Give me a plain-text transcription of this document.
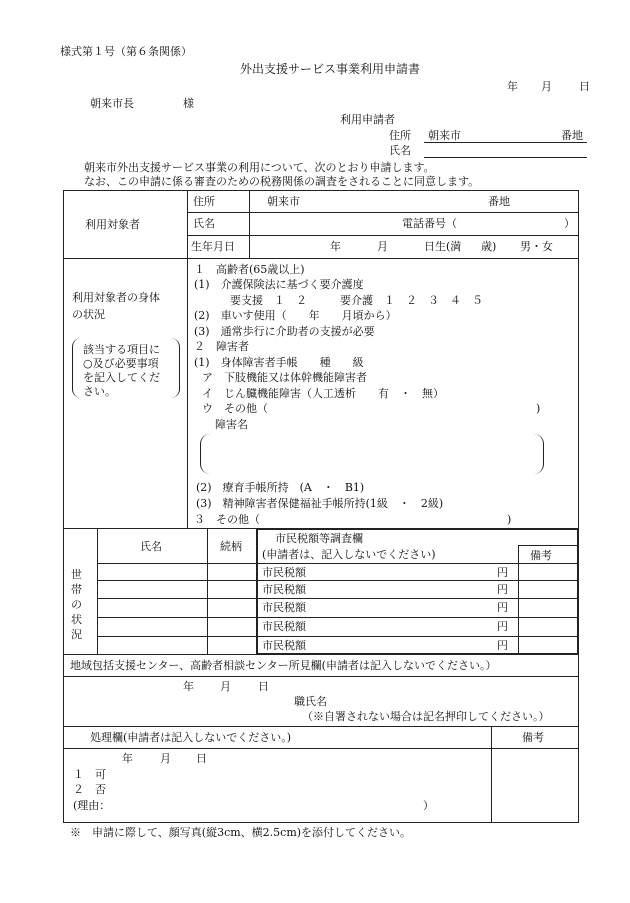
様式第１号（第６条関係）
外出支援サービス事業利用申請書
年 月 日
朝来市長	様
利用申請者
住所 朝来市	番地
氏名
朝来市外出支援サービス事業の利用について、次のとおり申請します。
なお、この申請に係る審査のための税務関係の調査をされることに同意します。
利用対象者
住所	朝来市	番地
氏名	電話番号（	）
生年月日	年	月	日生(満 歳) 男・女
利用対象者の身体
の状況
該当する項目に
○及び必要事項
を記入してくだ
さい。
１　高齢者(65歳以上)
(1)　介護保険法に基づく要介護度
要支援　１　２　　　要介護　１　２　３　４　５
(2)　車いす使用（　　年　　月頃から）
(3)　通常歩行に介助者の支援が必要
２　障害者
(1)　身体障害者手帳　　種　　級
ア　下肢機能又は体幹機能障害者
イ　じん臓機能障害（人工透析　　有　・　無）
ウ　その他（	)
障害名
(2)　療育手帳所持　(A　・　B1)
(3)　精神障害者保健福祉手帳所持(1級　・　2級)
３　その他（	)
世
帯
の
状
況
氏名	続柄
市民税額等調査欄
(申請者は、記入しないでください)	備考
市民税額	円
市民税額	円
市民税額	円
市民税額	円
市民税額	円
地域包括支援センター、高齢者相談センター所見欄(申請者は記入しないでください。）
年 月 日
職氏名
（※自署されない場合は記名押印してください。）
処理欄(申請者は記入しないでください。)	備考
年 月 日
１　可
２　否
(理由：	）
※　申請に際して、顔写真(縦3cm、横2.5cm)を添付してください。
